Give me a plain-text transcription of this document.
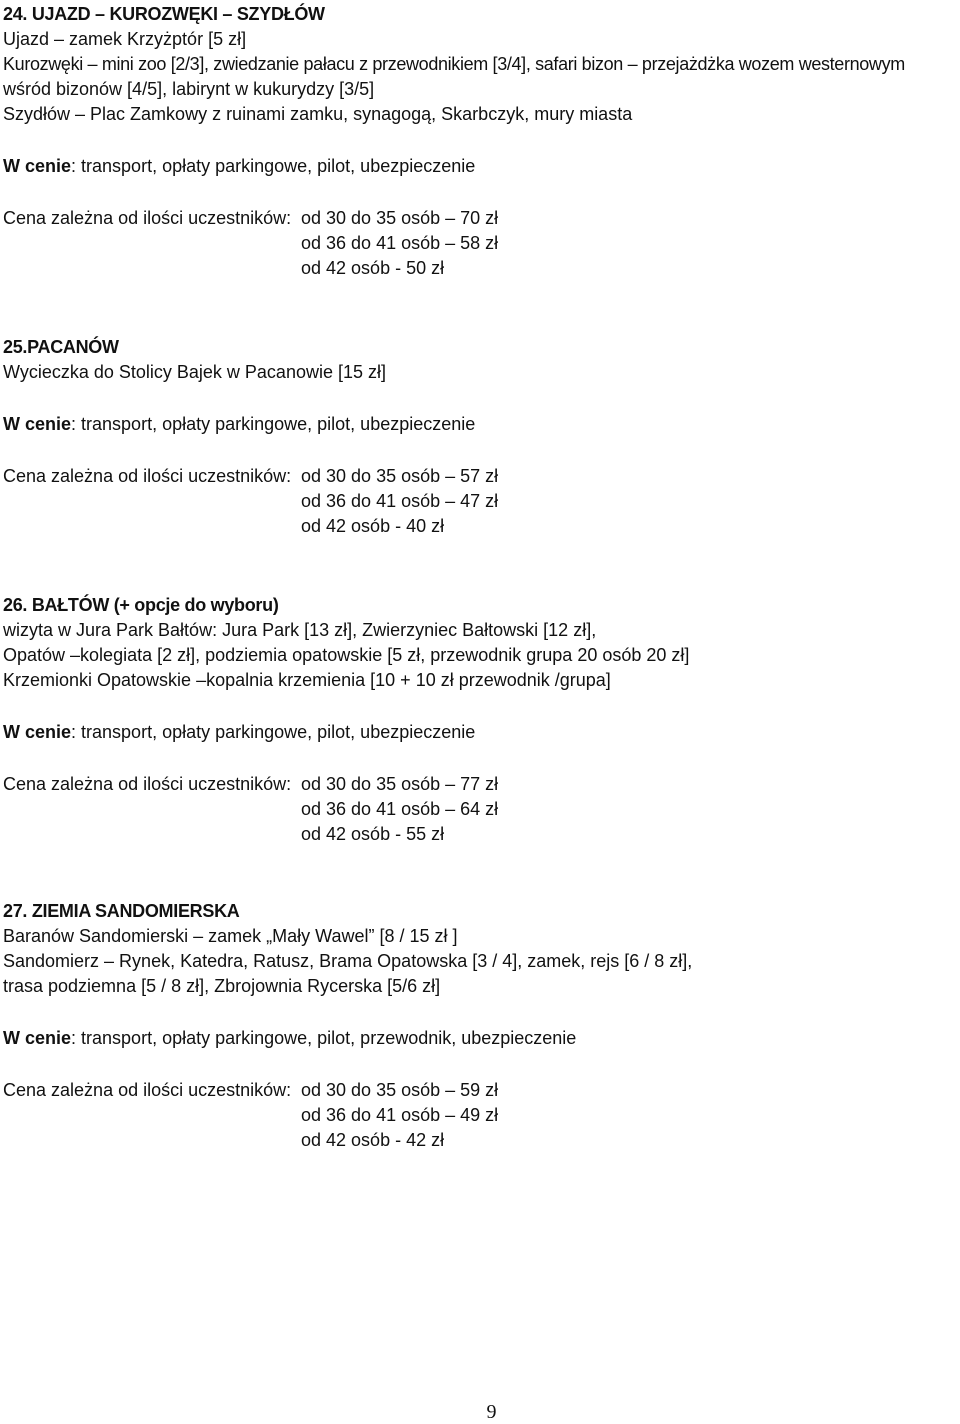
24. UJAZD – KUROZWĘKI – SZYDŁÓW
Ujazd – zamek Krzyżptór [5 zł]
Kurozwęki – mini zoo [2/3], zwiedzanie pałacu z przewodnikiem [3/4], safari bizon – przejażdżka wozem westernowym
wśród bizonów [4/5], labirynt w kukurydzy [3/5]
Szydłów – Plac Zamkowy z ruinami zamku, synagogą, Skarbczyk, mury miasta
W cenie: transport, opłaty parkingowe, pilot, ubezpieczenie
Cena zależna od ilości uczestników: od 30 do 35 osób – 70 zł
od 36 do 41 osób – 58 zł
od 42 osób - 50 zł
25.PACANÓW
Wycieczka do Stolicy Bajek w Pacanowie [15 zł]
W cenie: transport, opłaty parkingowe, pilot, ubezpieczenie
Cena zależna od ilości uczestników: od 30 do 35 osób – 57 zł
od 36 do 41 osób – 47 zł
od 42 osób - 40 zł
26. BAŁTÓW (+ opcje do wyboru)
wizyta w Jura Park Bałtów: Jura Park [13 zł], Zwierzyniec Bałtowski [12 zł],
Opatów –kolegiata [2 zł], podziemia opatowskie [5 zł, przewodnik grupa 20 osób 20 zł]
Krzemionki Opatowskie –kopalnia krzemienia [10 + 10 zł przewodnik /grupa]
W cenie: transport, opłaty parkingowe, pilot, ubezpieczenie
Cena zależna od ilości uczestników: od 30 do 35 osób – 77 zł
od 36 do 41 osób – 64 zł
od 42 osób - 55 zł
27. ZIEMIA SANDOMIERSKA
Baranów Sandomierski – zamek „Mały Wawel” [8 / 15 zł ]
Sandomierz – Rynek, Katedra, Ratusz, Brama Opatowska [3 / 4], zamek, rejs [6 / 8 zł],
trasa podziemna [5 / 8 zł], Zbrojownia Rycerska [5/6 zł]
W cenie: transport, opłaty parkingowe, pilot, przewodnik, ubezpieczenie
Cena zależna od ilości uczestników: od 30 do 35 osób – 59 zł
od 36 do 41 osób – 49 zł
od 42 osób - 42 zł
9
